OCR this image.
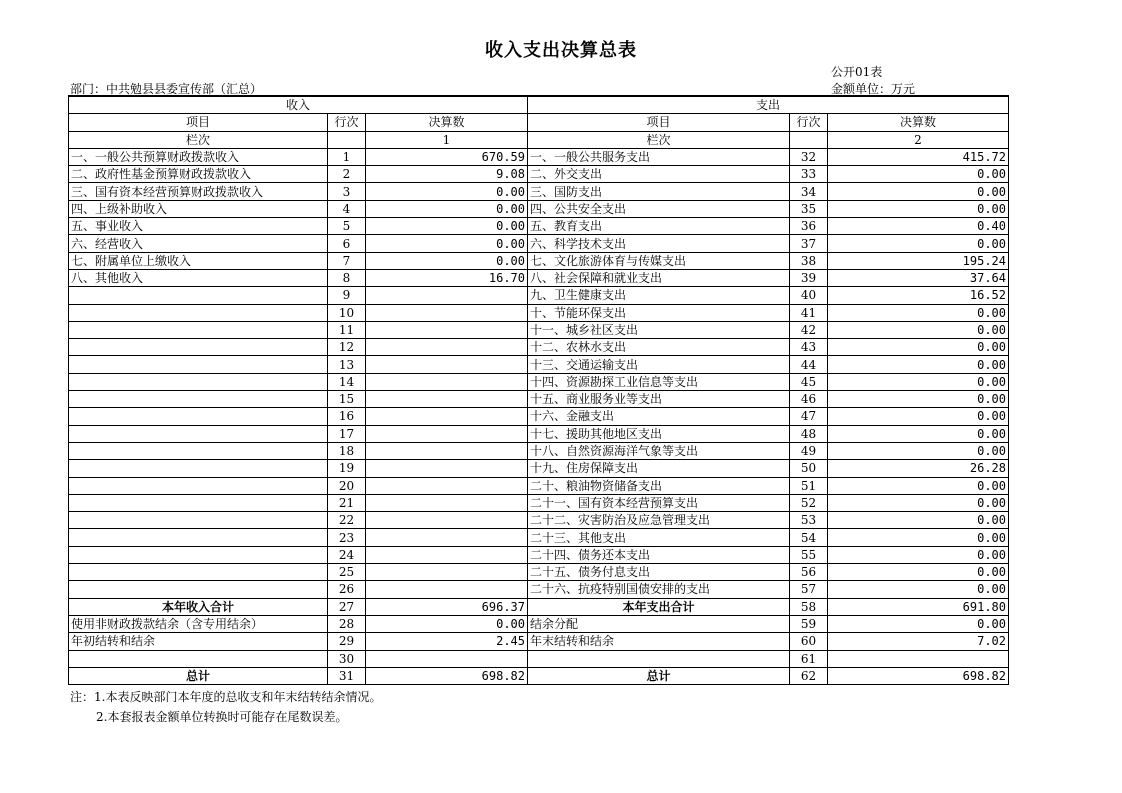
收入支出决算总表
公开01表
部门：中共勉县县委宣传部（汇总）	金额单位：万元
收入			支出		
项目	行次	决算数	项目	行次	决算数
栏次		1	栏次		2
一、一般公共预算财政拨款收入	1	670.59	一、一般公共服务支出	32	415.72
二、政府性基金预算财政拨款收入	2	9.08	二、外交支出	33	0.00
三、国有资本经营预算财政拨款收入	3	0.00	三、国防支出	34	0.00
四、上级补助收入	4	0.00	四、公共安全支出	35	0.00
五、事业收入	5	0.00	五、教育支出	36	0.40
六、经营收入	6	0.00	六、科学技术支出	37	0.00
七、附属单位上缴收入	7	0.00	七、文化旅游体育与传媒支出	38	195.24
八、其他收入	8	16.70	八、社会保障和就业支出	39	37.64
	9		九、卫生健康支出	40	16.52
	10		十、节能环保支出	41	0.00
	11		十一、城乡社区支出	42	0.00
	12		十二、农林水支出	43	0.00
	13		十三、交通运输支出	44	0.00
	14		十四、资源勘探工业信息等支出	45	0.00
	15		十五、商业服务业等支出	46	0.00
	16		十六、金融支出	47	0.00
	17		十七、援助其他地区支出	48	0.00
	18		十八、自然资源海洋气象等支出	49	0.00
	19		十九、住房保障支出	50	26.28
	20		二十、粮油物资储备支出	51	0.00
	21		二十一、国有资本经营预算支出	52	0.00
	22		二十二、灾害防治及应急管理支出	53	0.00
	23		二十三、其他支出	54	0.00
	24		二十四、债务还本支出	55	0.00
	25		二十五、债务付息支出	56	0.00
	26		二十六、抗疫特别国债安排的支出	57	0.00
本年收入合计	27	696.37	本年支出合计	58	691.80
使用非财政拨款结余（含专用结余）	28	0.00	结余分配	59	0.00
年初结转和结余	29	2.45	年末结转和结余	60	7.02
	30			61	
总计	31	698.82	总计	62	698.82
注：1.本表反映部门本年度的总收支和年末结转结余情况。
2.本套报表金额单位转换时可能存在尾数误差。
